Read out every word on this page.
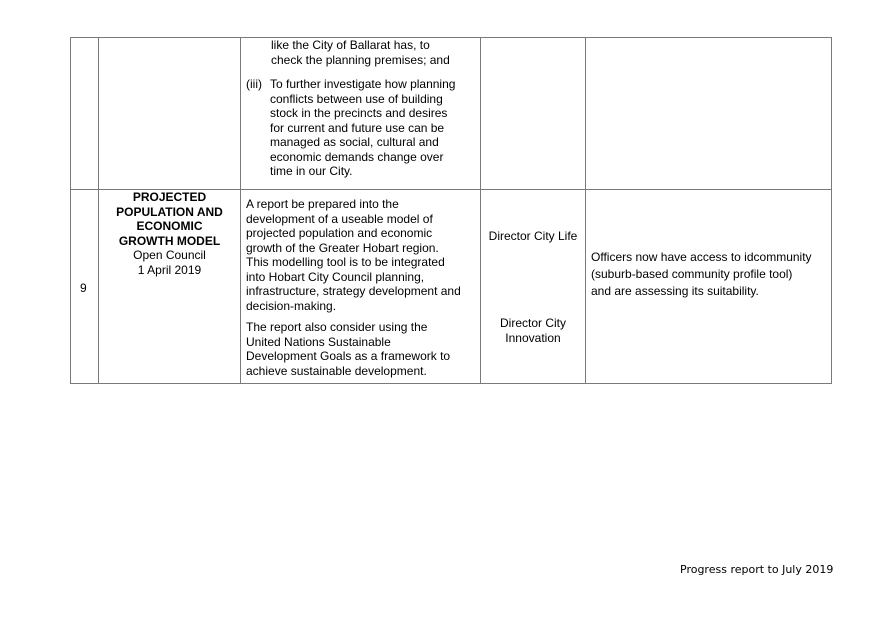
like the City of Ballarat has, to
check the planning premises; and
(iii) To further investigate how planning
conflicts between use of building
stock in the precincts and desires
for current and future use can be
managed as social, cultural and
economic demands change over
time in our City.
9
PROJECTED
POPULATION AND
ECONOMIC
GROWTH MODEL
Open Council
1 April 2019
A report be prepared into the
development of a useable model of
projected population and economic
growth of the Greater Hobart region.
This modelling tool is to be integrated
into Hobart City Council planning,
infrastructure, strategy development and
decision-making.
The report also consider using the
United Nations Sustainable
Development Goals as a framework to
achieve sustainable development.
Director City Life
Director City
Innovation
Officers now have access to idcommunity
(suburb-based community profile tool)
and are assessing its suitability.
Progress report to July 2019
